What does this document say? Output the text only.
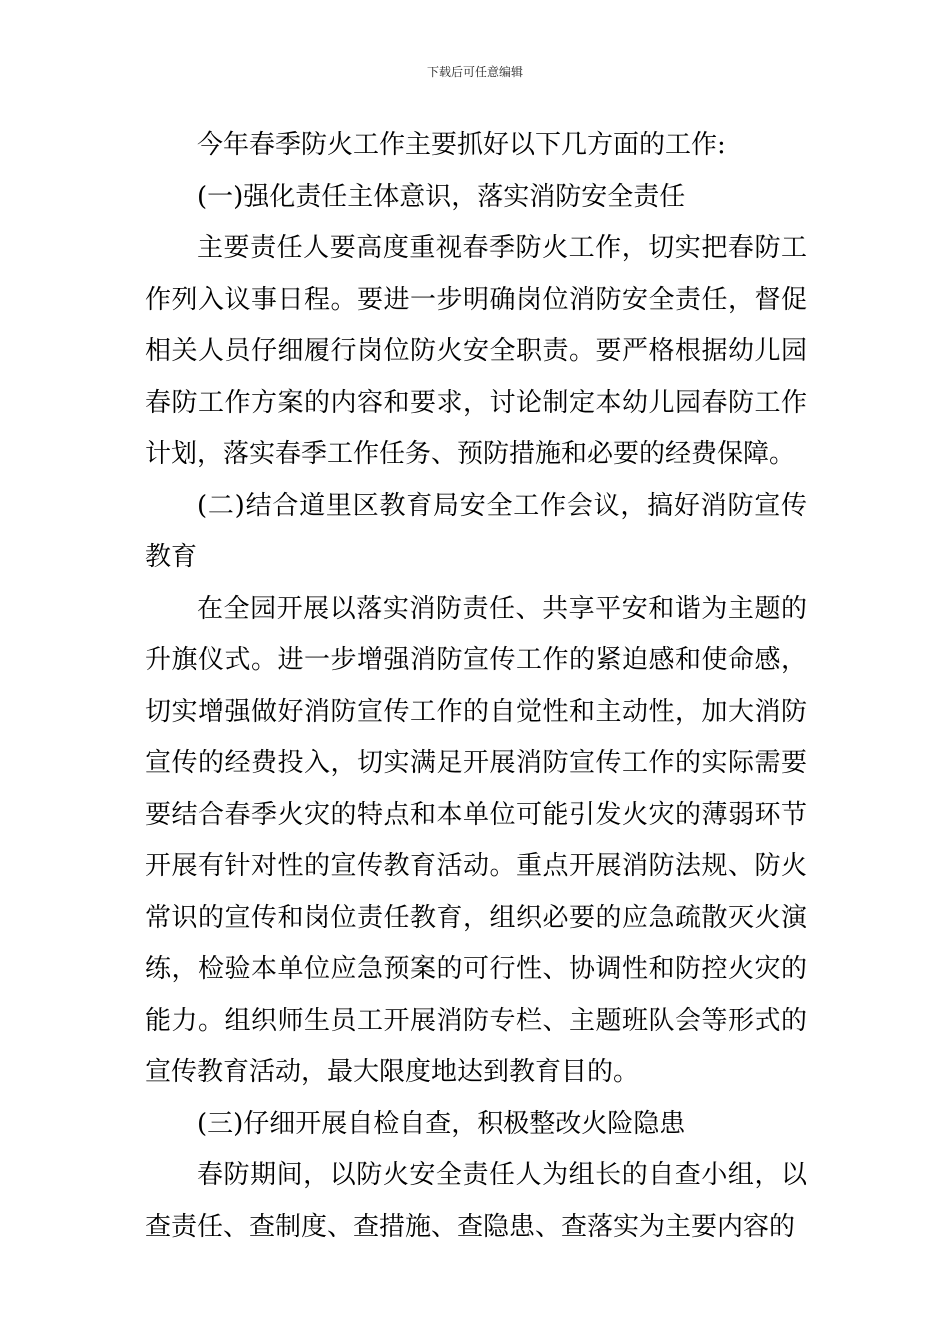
下载后可任意编辑

今年春季防火工作主要抓好以下几方面的工作:

(一)强化责任主体意识，落实消防安全责任

主要责任人要高度重视春季防火工作，切实把春防工作列入议事日程。要进一步明确岗位消防安全责任，督促相关人员仔细履行岗位防火安全职责。要严格根据幼儿园春防工作方案的内容和要求，讨论制定本幼儿园春防工作计划，落实春季工作任务、预防措施和必要的经费保障。

(二)结合道里区教育局安全工作会议，搞好消防宣传教育

在全园开展以落实消防责任、共享平安和谐为主题的升旗仪式。进一步增强消防宣传工作的紧迫感和使命感，切实增强做好消防宣传工作的自觉性和主动性，加大消防宣传的经费投入，切实满足开展消防宣传工作的实际需要要结合春季火灾的特点和本单位可能引发火灾的薄弱环节开展有针对性的宣传教育活动。重点开展消防法规、防火常识的宣传和岗位责任教育，组织必要的应急疏散灭火演练，检验本单位应急预案的可行性、协调性和防控火灾的能力。组织师生员工开展消防专栏、主题班队会等形式的宣传教育活动，最大限度地达到教育目的。

(三)仔细开展自检自查，积极整改火险隐患

春防期间，以防火安全责任人为组长的自查小组，以查责任、查制度、查措施、查隐患、查落实为主要内容的
